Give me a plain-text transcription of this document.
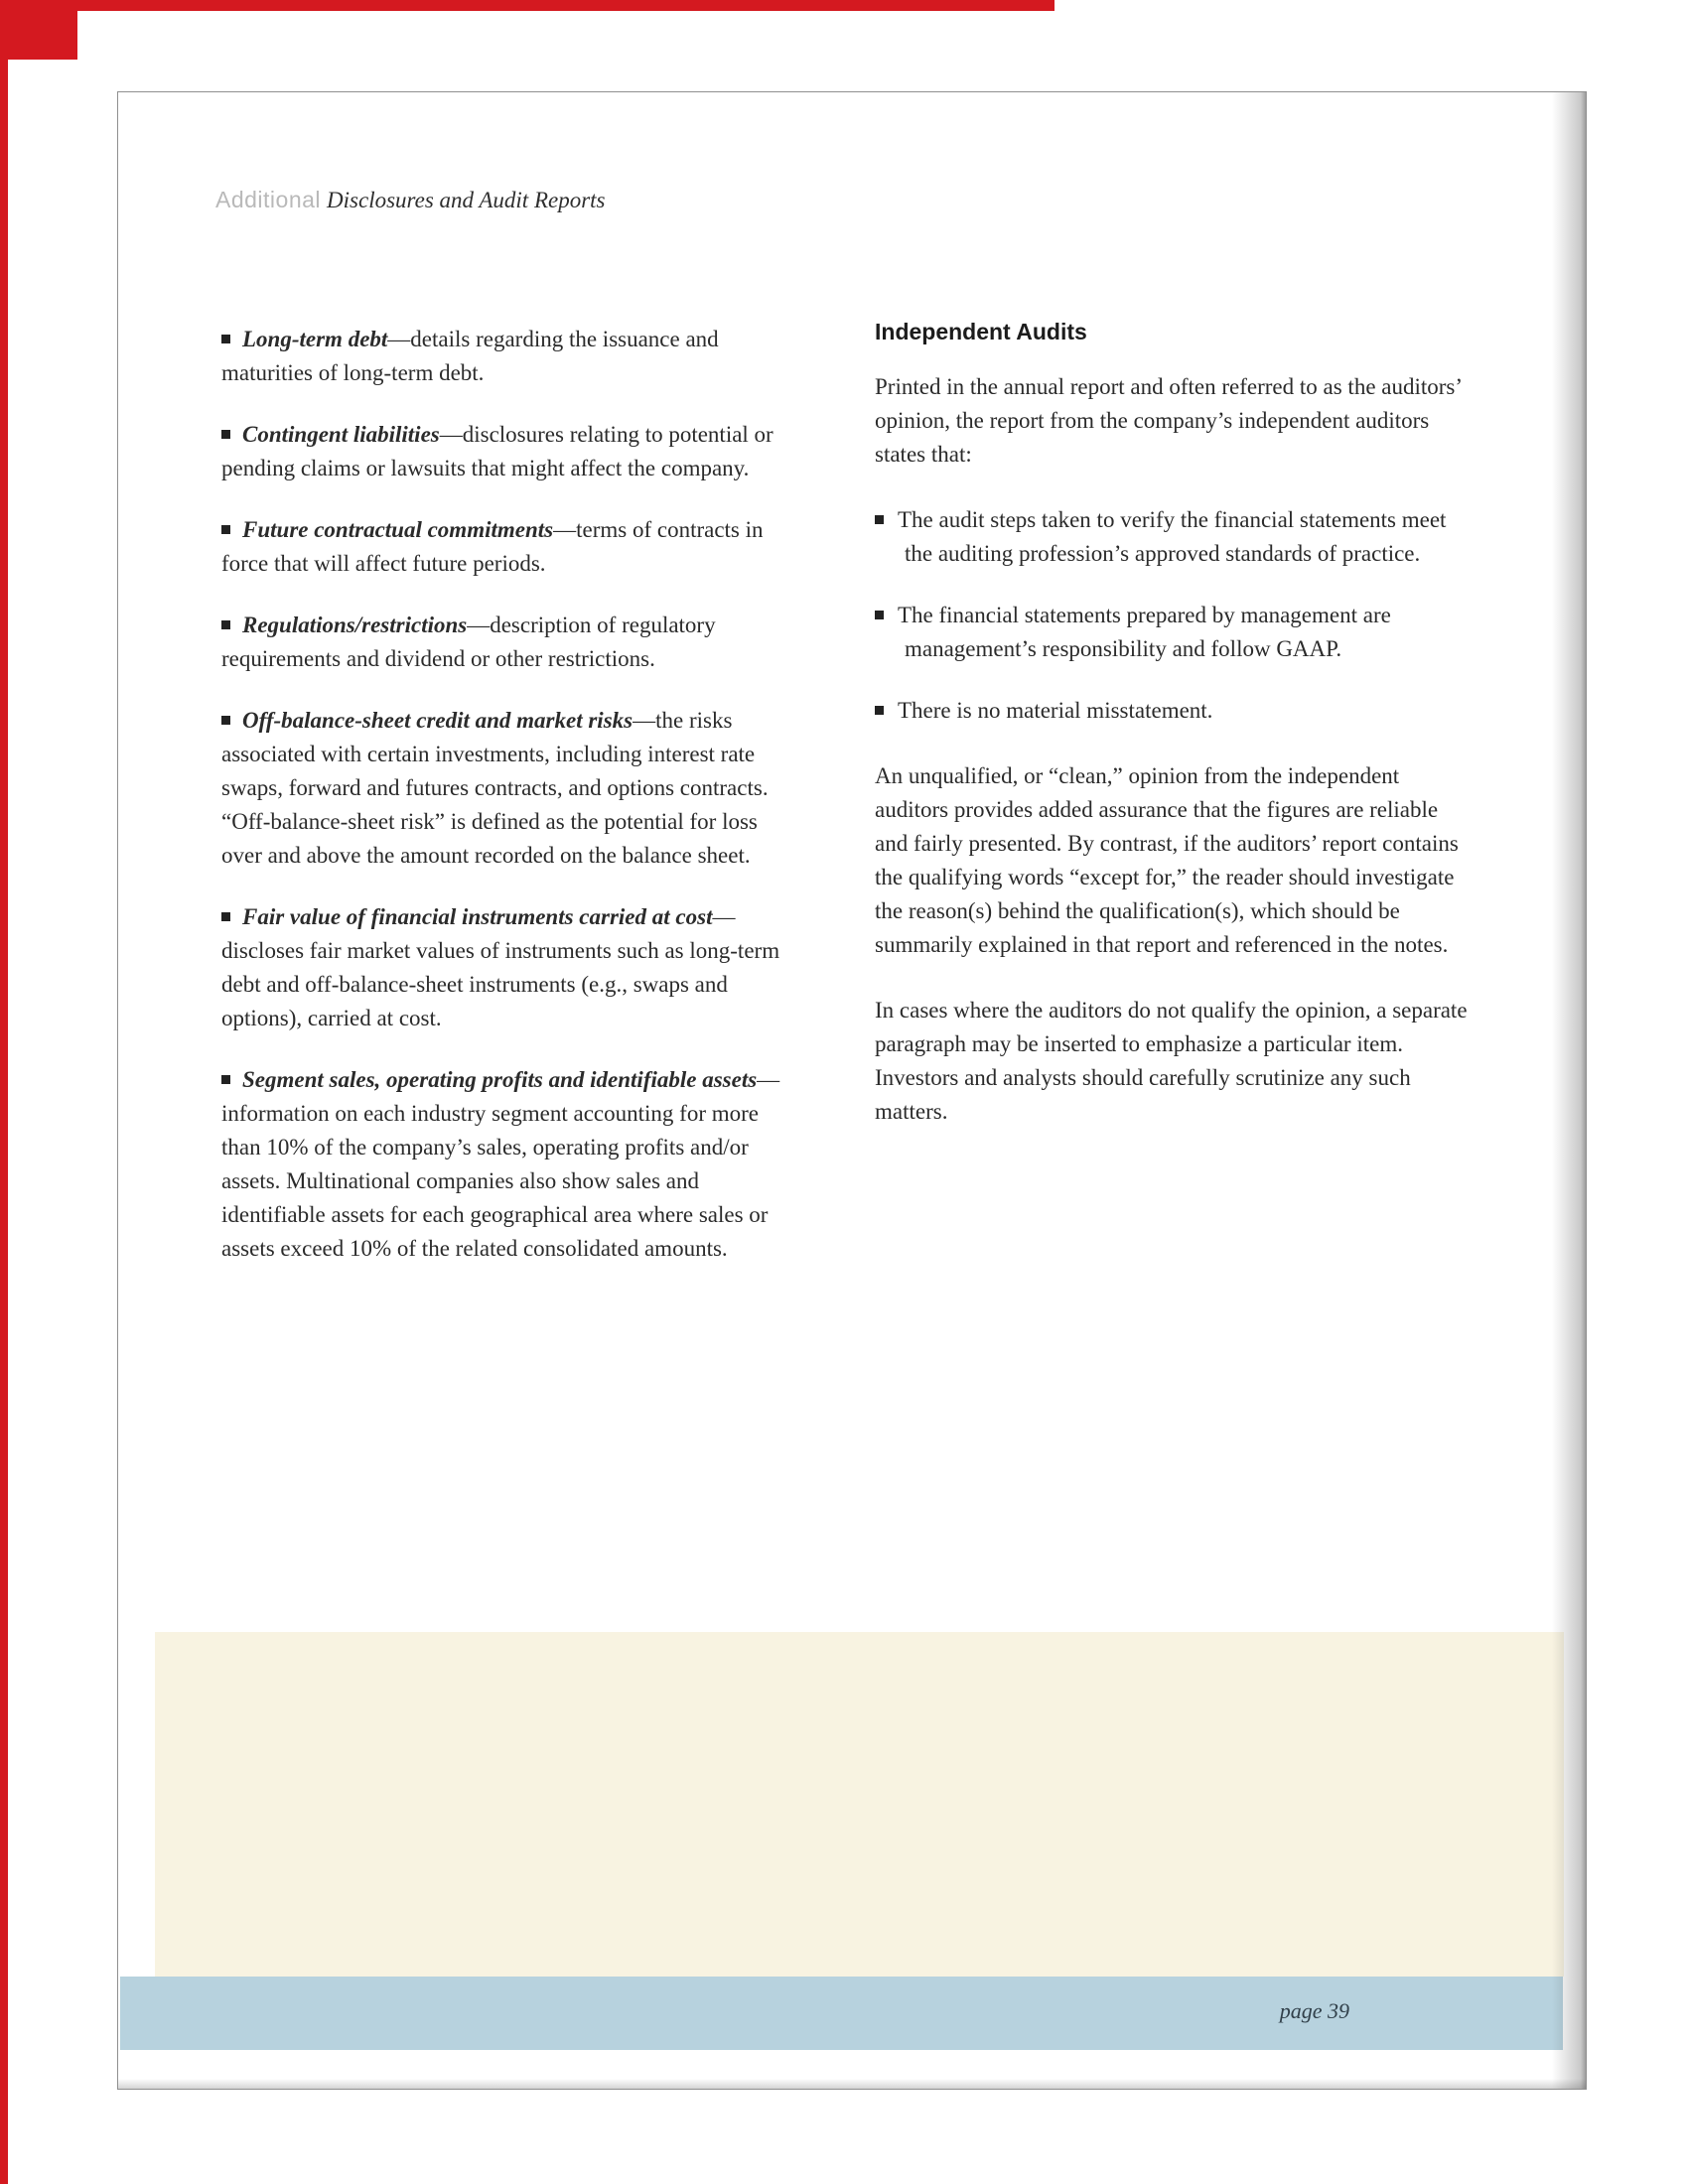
Additional Disclosures and Audit Reports

Long-term debt—details regarding the issuance and maturities of long-term debt.

Contingent liabilities—disclosures relating to potential or pending claims or lawsuits that might affect the company.

Future contractual commitments—terms of contracts in force that will affect future periods.

Regulations/restrictions—description of regulatory requirements and dividend or other restrictions.

Off-balance-sheet credit and market risks—the risks associated with certain investments, including interest rate swaps, forward and futures contracts, and options contracts. “Off-balance-sheet risk” is defined as the potential for loss over and above the amount recorded on the balance sheet.

Fair value of financial instruments carried at cost—discloses fair market values of instruments such as long-term debt and off-balance-sheet instruments (e.g., swaps and options), carried at cost.

Segment sales, operating profits and identifiable assets—information on each industry segment accounting for more than 10% of the company’s sales, operating profits and/or assets. Multinational companies also show sales and identifiable assets for each geographical area where sales or assets exceed 10% of the related consolidated amounts.

Independent Audits

Printed in the annual report and often referred to as the auditors’ opinion, the report from the company’s independent auditors states that:

The audit steps taken to verify the financial statements meet the auditing profession’s approved standards of practice.

The financial statements prepared by management are management’s responsibility and follow GAAP.

There is no material misstatement.

An unqualified, or “clean,” opinion from the independent auditors provides added assurance that the figures are reliable and fairly presented. By contrast, if the auditors’ report contains the qualifying words “except for,” the reader should investigate the reason(s) behind the qualification(s), which should be summarily explained in that report and referenced in the notes.

In cases where the auditors do not qualify the opinion, a separate paragraph may be inserted to emphasize a particular item. Investors and analysts should carefully scrutinize any such matters.

page 39
